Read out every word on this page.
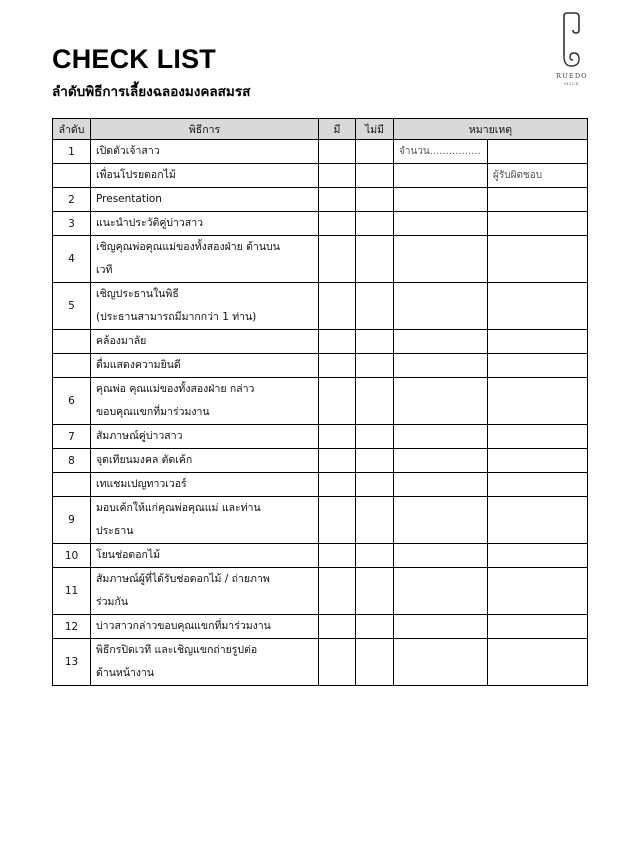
CHECK LIST
ลำดับพิธีการเลี้ยงฉลองมงคลสมรส
RUEDO
MICE
ลำดับ	พิธีการ	มี	ไม่มี	หมายเหตุ	
1	เปิดตัวเจ้าสาว			จำนวน................	

	เพื่อนโปรยดอกไม้				ผู้รับผิดชอบ
2	Presentation				

3	แนะนำประวัติคู่บ่าวสาว				

4	เชิญคุณพ่อคุณแม่ของทั้งสองฝ่าย ด้านบน
เวที				

5	เชิญประธานในพิธี
(ประธานสามารถมีมากกว่า 1 ท่าน)				

	คล้องมาลัย				

	ดื่มแสดงความยินดี				

6	คุณพ่อ คุณแม่ของทั้งสองฝ่าย กล่าว
ขอบคุณแขกที่มาร่วมงาน				

7	สัมภาษณ์คู่บ่าวสาว				

8	จุดเทียนมงคล ตัดเค้ก				

	เทแชมเปญทาวเวอร์				

9	มอบเค้กให้แก่คุณพ่อคุณแม่ และท่าน
ประธาน				

10	โยนช่อดอกไม้				

11	สัมภาษณ์ผู้ที่ได้รับช่อดอกไม้ / ถ่ายภาพ
ร่วมกัน				

12	บ่าวสาวกล่าวขอบคุณแขกที่มาร่วมงาน				

13	พิธีกรปิดเวที และเชิญแขกถ่ายรูปต่อ
ด้านหน้างาน				
